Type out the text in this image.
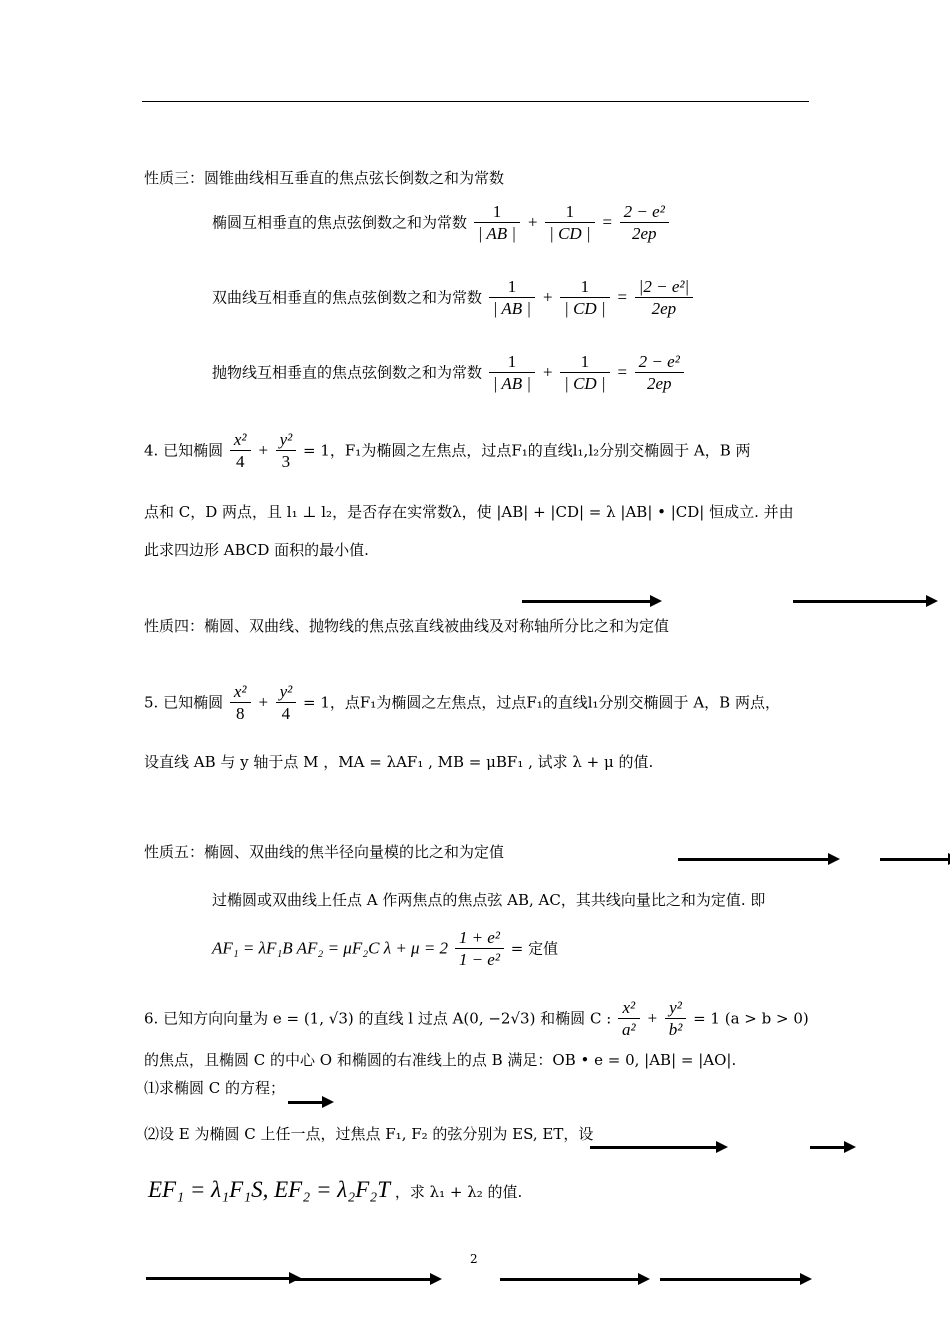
性质三：圆锥曲线相互垂直的焦点弦长倒数之和为常数
椭圆互相垂直的焦点弦倒数之和为常数 $\frac{1}{| AB |} + \frac{1}{| CD |} = \frac{\text{2 − e²}}{2ep}$
双曲线互相垂直的焦点弦倒数之和为常数 $\frac{1}{| AB |} + \frac{1}{| CD |} = \frac{\text{|2 − e²|}}{2ep}$
抛物线互相垂直的焦点弦倒数之和为常数 $\frac{1}{| AB |} + \frac{1}{| CD |} = \frac{\text{2 − e²}}{2ep}$
4. 已知椭圆 $\frac{\text{x²}}{4} + \frac{\text{y²}}{3} = 1$，F₁为椭圆之左焦点，过点F₁的直线l₁,l₂分别交椭圆于 A，B 两
点和 C，D 两点，且 l₁ ⊥ l₂，是否存在实常数λ，使 |AB| + |CD| = λ |AB| • |CD| 恒成立. 并由
此求四边形 ABCD 面积的最小值.
性质四：椭圆、双曲线、抛物线的焦点弦直线被曲线及对称轴所分比之和为定值
5. 已知椭圆 $\frac{\text{x²}}{8} + \frac{\text{y²}}{4} = 1$，点F₁为椭圆之左焦点，过点F₁的直线l₁分别交椭圆于 A，B 两点，
设直线 AB 与 y 轴于点 M ，MA = λAF₁ , MB = μBF₁ , 试求 λ + μ 的值.
性质五：椭圆、双曲线的焦半径向量模的比之和为定值
过椭圆或双曲线上任点 A 作两焦点的焦点弦 AB, AC，其共线向量比之和为定值. 即
AF₁ = λF₁B AF₂ = μF₂C $\lambda + \mu = 2 \frac{\text{1 + e²}}{\text{1 − e²}}$ = 定值
6. 已知方向向量为 e = (1, √3) 的直线 l 过点 A(0, −2√3) 和椭圆 C : $\frac{\text{x²}}{\text{a²}} + \frac{\text{y²}}{\text{b²}} = 1$ (a > b > 0)
的焦点，且椭圆 C 的中心 O 和椭圆的右准线上的点 B 满足：OB • e = 0, |AB| = |AO|.
⑴求椭圆 C 的方程；
⑵设 E 为椭圆 C 上任一点，过焦点 F₁, F₂ 的弦分别为 ES, ET，设
EF₁ = λ₁F₁S, EF₂ = λ₂F₂T ，求 λ₁ + λ₂ 的值.
2
